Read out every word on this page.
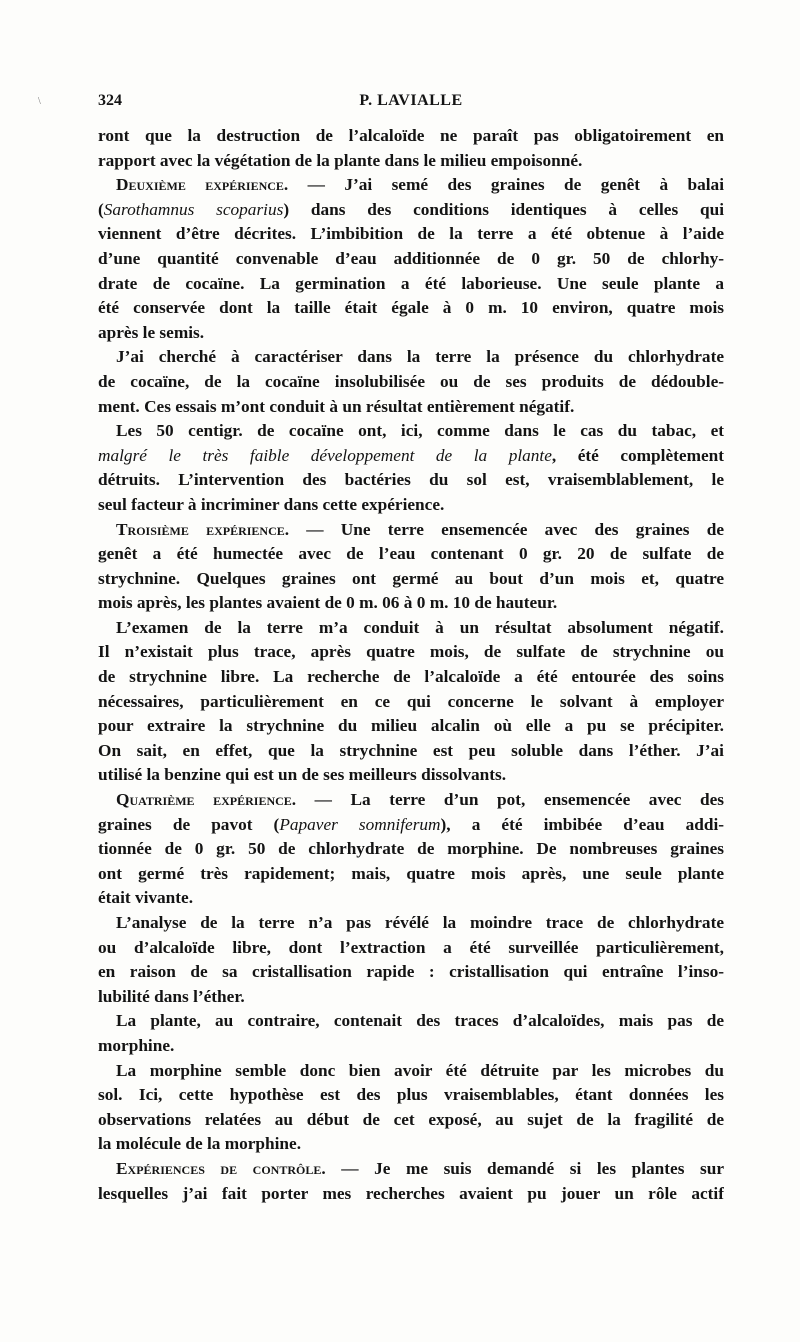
324	P. LAVIALLE
ront que la destruction de l’alcaloïde ne paraît pas obligatoirement en
rapport avec la végétation de la plante dans le milieu empoisonné.
Deuxième expérience. — J’ai semé des graines de genêt à balai
(Sarothamnus scoparius) dans des conditions identiques à celles qui
viennent d’être décrites. L’imbibition de la terre a été obtenue à l’aide
d’une quantité convenable d’eau additionnée de 0 gr. 50 de chlorhy-
drate de cocaïne. La germination a été laborieuse. Une seule plante a
été conservée dont la taille était égale à 0 m. 10 environ, quatre mois
après le semis.
J’ai cherché à caractériser dans la terre la présence du chlorhydrate
de cocaïne, de la cocaïne insolubilisée ou de ses produits de dédouble-
ment. Ces essais m’ont conduit à un résultat entièrement négatif.
Les 50 centigr. de cocaïne ont, ici, comme dans le cas du tabac, et
malgré le très faible développement de la plante, été complètement
détruits. L’intervention des bactéries du sol est, vraisemblablement, le
seul facteur à incriminer dans cette expérience.
Troisième expérience. — Une terre ensemencée avec des graines de
genêt a été humectée avec de l’eau contenant 0 gr. 20 de sulfate de
strychnine. Quelques graines ont germé au bout d’un mois et, quatre
mois après, les plantes avaient de 0 m. 06 à 0 m. 10 de hauteur.
L’examen de la terre m’a conduit à un résultat absolument négatif.
Il n’existait plus trace, après quatre mois, de sulfate de strychnine ou
de strychnine libre. La recherche de l’alcaloïde a été entourée des soins
nécessaires, particulièrement en ce qui concerne le solvant à employer
pour extraire la strychnine du milieu alcalin où elle a pu se précipiter.
On sait, en effet, que la strychnine est peu soluble dans l’éther. J’ai
utilisé la benzine qui est un de ses meilleurs dissolvants.
Quatrième expérience. — La terre d’un pot, ensemencée avec des
graines de pavot (Papaver somniferum), a été imbibée d’eau addi-
tionnée de 0 gr. 50 de chlorhydrate de morphine. De nombreuses graines
ont germé très rapidement; mais, quatre mois après, une seule plante
était vivante.
L’analyse de la terre n’a pas révélé la moindre trace de chlorhydrate
ou d’alcaloïde libre, dont l’extraction a été surveillée particulièrement,
en raison de sa cristallisation rapide : cristallisation qui entraîne l’inso-
lubilité dans l’éther.
La plante, au contraire, contenait des traces d’alcaloïdes, mais pas de
morphine.
La morphine semble donc bien avoir été détruite par les microbes du
sol. Ici, cette hypothèse est des plus vraisemblables, étant données les
observations relatées au début de cet exposé, au sujet de la fragilité de
la molécule de la morphine.
Expériences de contrôle. — Je me suis demandé si les plantes sur
lesquelles j’ai fait porter mes recherches avaient pu jouer un rôle actif
\
